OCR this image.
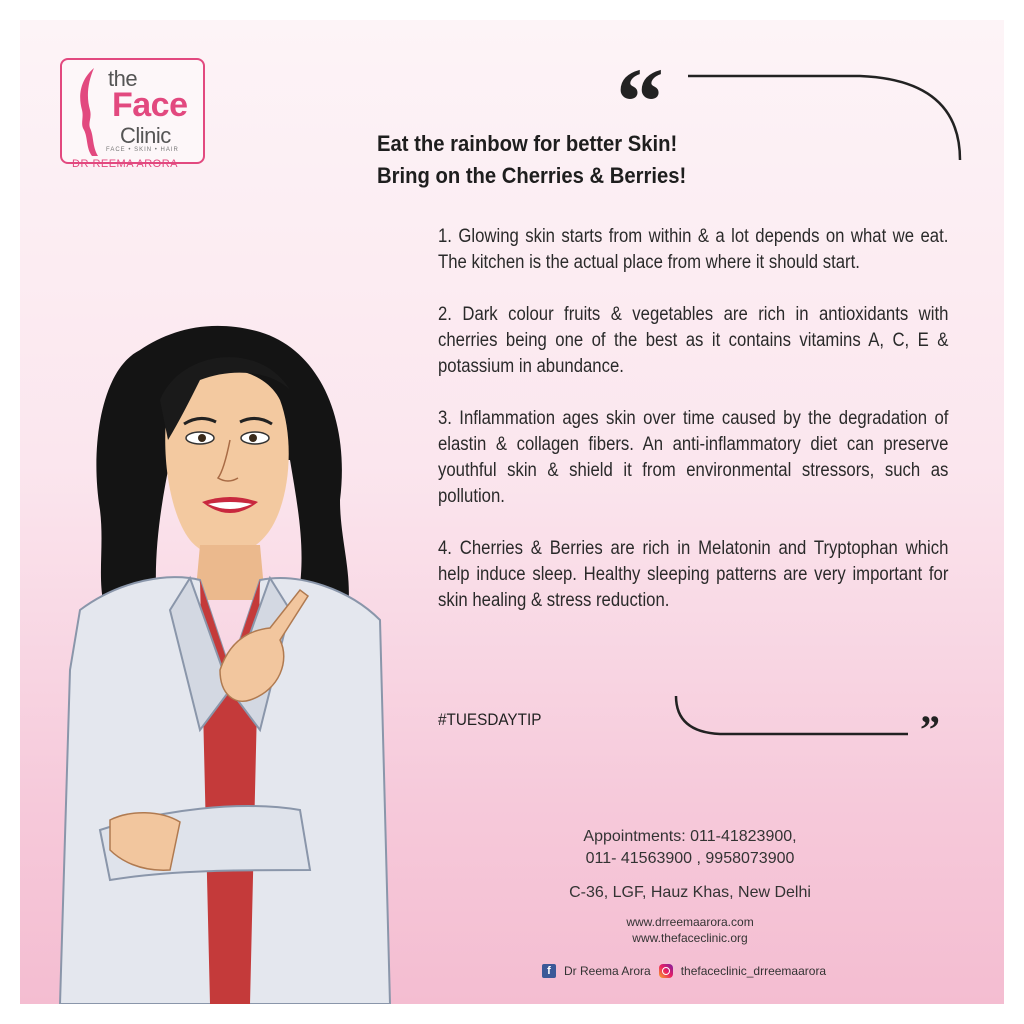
the
Face
Clinic
FACE • SKIN • HAIR
DR REEMA ARORA
“
Eat the rainbow for better Skin!
Bring on the Cherries & Berries!

1. Glowing skin starts from within & a lot depends on what we eat. The kitchen is the actual place from where it should start.

2. Dark colour fruits & vegetables are rich in antioxidants with cherries being one of the best as it contains vitamins A, C, E & potassium in abundance.

3. Inflammation ages skin over time caused by the degradation of elastin & collagen fibers. An anti-inflammatory diet can preserve youthful skin & shield it from environmental stressors, such as pollution.

4. Cherries & Berries are rich in Melatonin and Tryptophan which help induce sleep. Healthy sleeping patterns are very important for skin healing & stress reduction.

#TUESDAYTIP	”
Appointments: 011-41823900,
011- 41563900 , 9958073900
C-36, LGF, Hauz Khas, New Delhi
www.drreemaarora.com
www.thefaceclinic.org
f	Dr Reema Arora	thefaceclinic_drreemaarora
